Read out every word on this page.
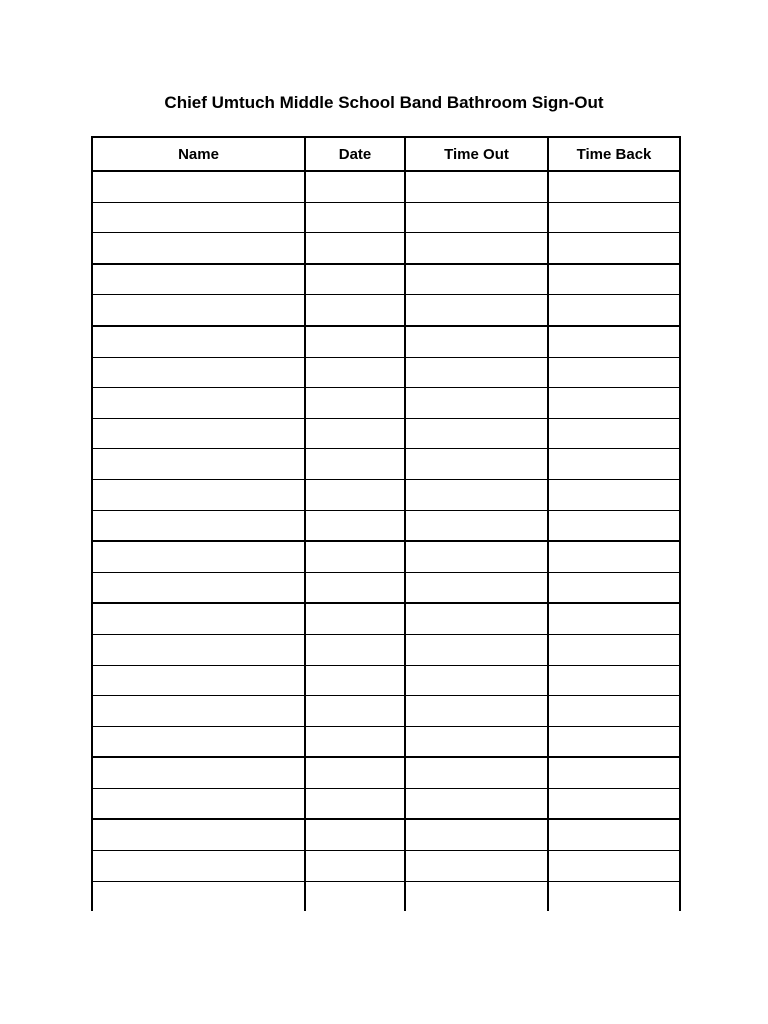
Chief Umtuch Middle School Band Bathroom Sign-Out
Name	Date	Time Out	Time Back
